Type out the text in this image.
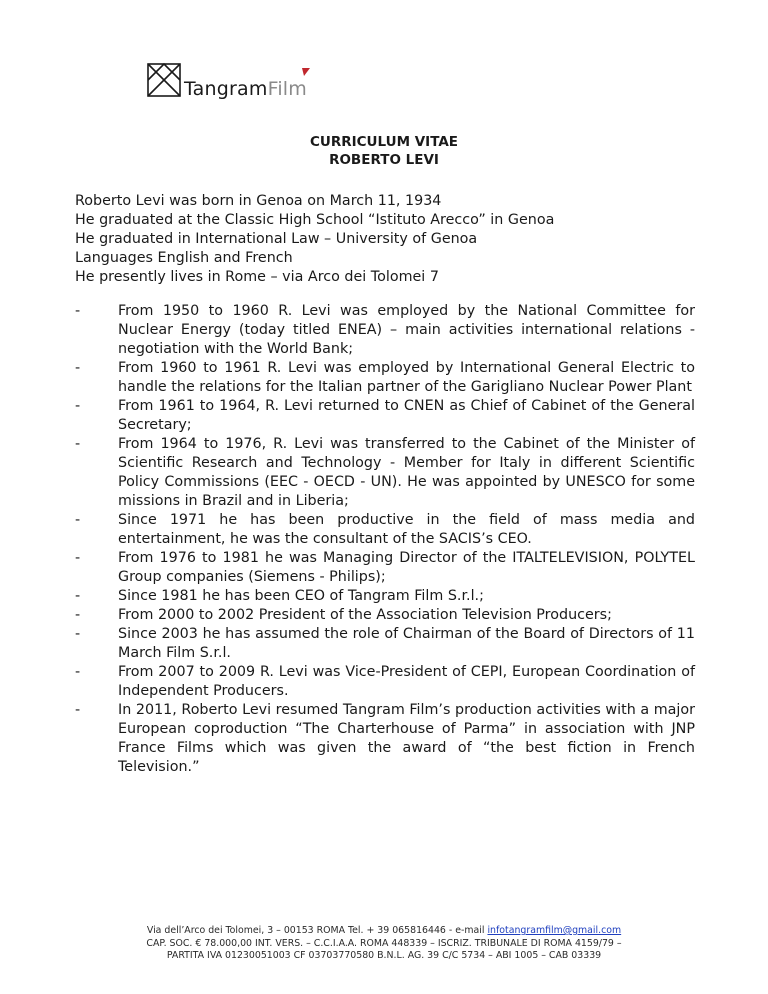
TangramFilm
CURRICULUM VITAE
ROBERTO LEVI
Roberto Levi was born in Genoa on March 11, 1934
He graduated at the Classic High School “Istituto Arecco” in Genoa
He graduated in International Law – University of Genoa
Languages English and French
He presently lives in Rome – via Arco dei Tolomei 7
-	From 1950 to 1960 R. Levi was employed by the National Committee for Nuclear Energy (today titled ENEA) – main activities international relations - negotiation with the World Bank;
-	From 1960 to 1961 R. Levi was employed by International General Electric to handle the relations for the Italian partner of the Garigliano Nuclear Power Plant
-	From 1961 to 1964, R. Levi returned to CNEN as Chief of Cabinet of the General Secretary;
-	From 1964 to 1976, R. Levi was transferred to the Cabinet of the Minister of Scientific Research and Technology - Member for Italy in different Scientific Policy Commissions (EEC - OECD - UN). He was appointed by UNESCO for some missions in Brazil and in Liberia;
-	Since 1971 he has been productive in the field of mass media and entertainment, he was the consultant of the SACIS’s CEO.
-	From 1976 to 1981 he was Managing Director of the ITALTELEVISION, POLYTEL Group companies (Siemens - Philips);
-	Since 1981 he has been CEO of Tangram Film S.r.l.;
-	From 2000 to 2002 President of the Association Television Producers;
-	Since 2003 he has assumed the role of Chairman of the Board of Directors of 11 March Film S.r.l.
-	From 2007 to 2009 R. Levi was Vice-President of CEPI, European Coordination of Independent Producers.
-	In 2011, Roberto Levi resumed Tangram Film’s production activities with a major European coproduction “The Charterhouse of Parma” in association with JNP France Films which was given the award of “the best fiction in French Television.”
Via dell’Arco dei Tolomei, 3 – 00153 ROMA Tel. + 39 065816446 - e-mail infotangramfilm@gmail.com
CAP. SOC. € 78.000,00 INT. VERS. – C.C.I.A.A. ROMA 448339 – ISCRIZ. TRIBUNALE DI ROMA 4159/79 –
PARTITA IVA 01230051003 CF 03703770580 B.N.L. AG. 39 C/C 5734 – ABI 1005 – CAB 03339
